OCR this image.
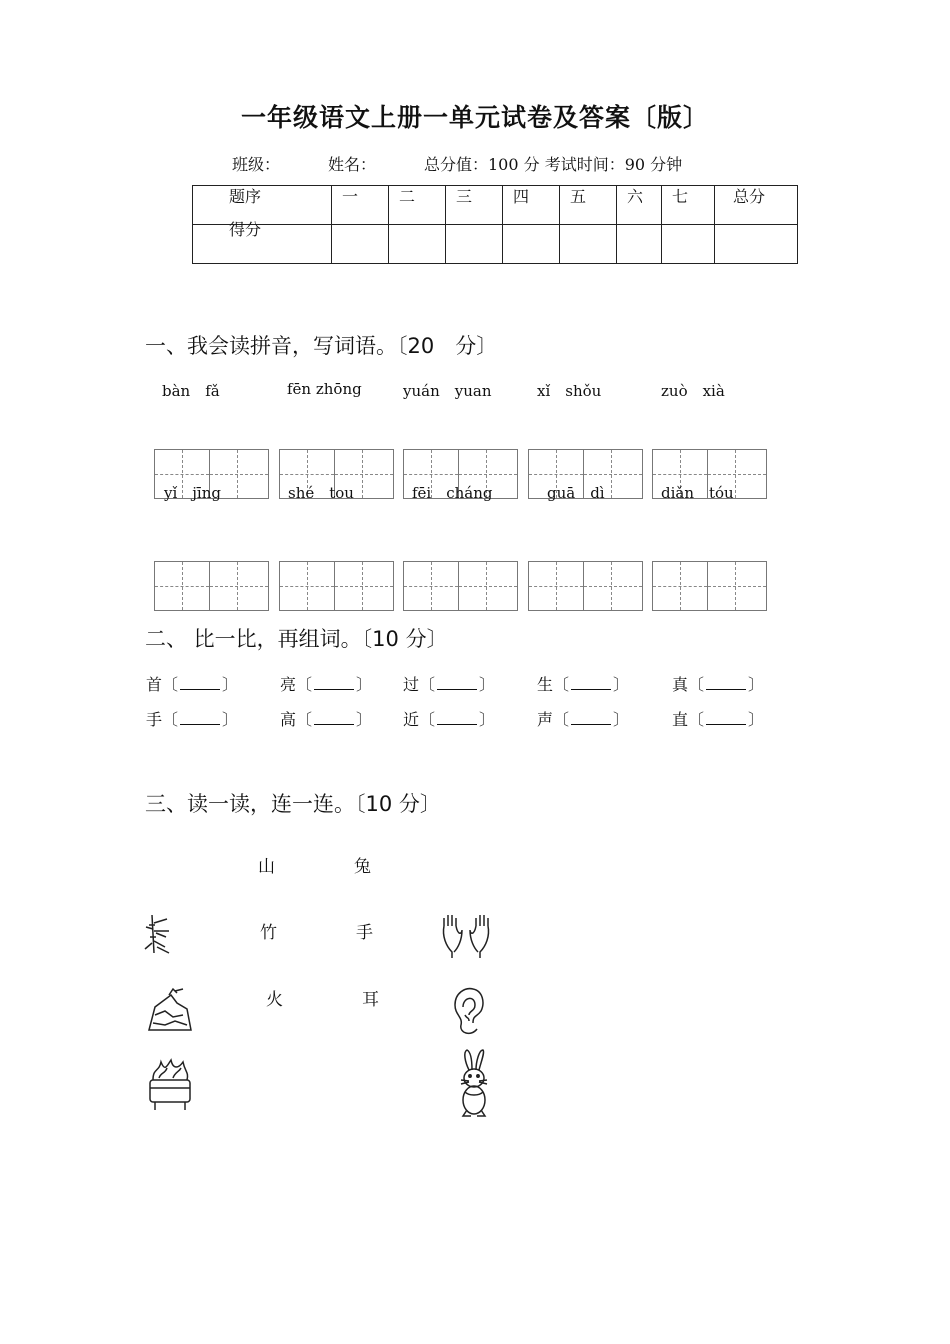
一年级语文上册一单元试卷及答案〔版〕
班级：	姓名：	总分值：100 分 考试时间：90 分钟
题序	一	二	三	四	五	六	七	总分
得分								
一、我会读拼音，写词语。〔20　分〕
bàn　fǎ	fēn zhōng	yuán　yuan	xǐ　shǒu	zuò　xià
yǐ　jīng	shé　tou	fēi　cháng	guā　dì	diǎn　tóu
二、 比一比，再组词。〔10 分〕
首〔	〕	亮〔	〕 过〔	〕	生〔	〕	真〔	〕
手〔	〕	高〔	〕 近〔	〕	声〔	〕	直〔	〕
三、读一读，连一连。〔10 分〕
山	兔
竹	手
火	耳
